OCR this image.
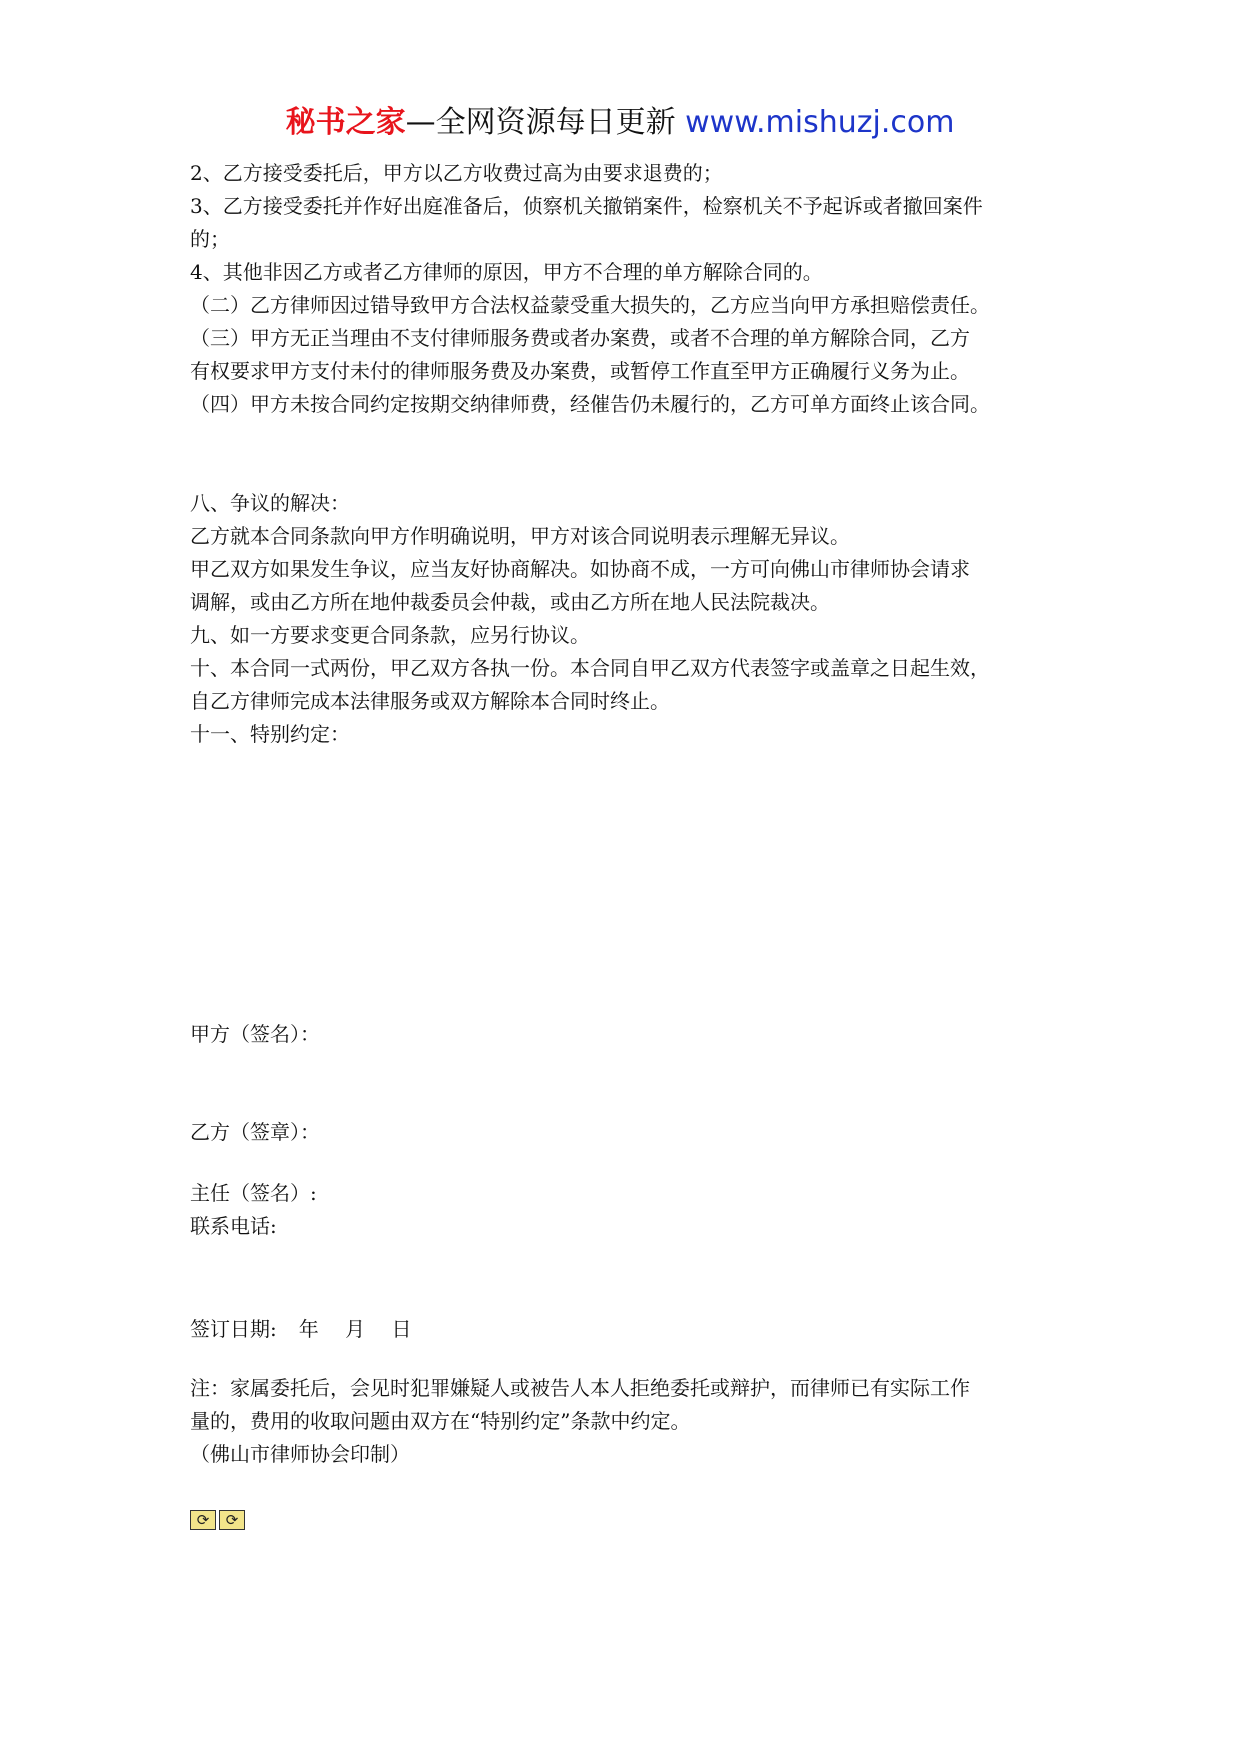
秘书之家—全网资源每日更新 www.mishuzj.com

2、乙方接受委托后，甲方以乙方收费过高为由要求退费的；

3、乙方接受委托并作好出庭准备后，侦察机关撤销案件，检察机关不予起诉或者撤回案件

的；

4、其他非因乙方或者乙方律师的原因，甲方不合理的单方解除合同的。

（二）乙方律师因过错导致甲方合法权益蒙受重大损失的，乙方应当向甲方承担赔偿责任。

（三）甲方无正当理由不支付律师服务费或者办案费，或者不合理的单方解除合同，乙方

有权要求甲方支付未付的律师服务费及办案费，或暂停工作直至甲方正确履行义务为止。

（四）甲方未按合同约定按期交纳律师费，经催告仍未履行的，乙方可单方面终止该合同。

八、争议的解决：

乙方就本合同条款向甲方作明确说明，甲方对该合同说明表示理解无异议。

甲乙双方如果发生争议，应当友好协商解决。如协商不成，一方可向佛山市律师协会请求

调解，或由乙方所在地仲裁委员会仲裁，或由乙方所在地人民法院裁决。

九、如一方要求变更合同条款，应另行协议。

十、本合同一式两份，甲乙双方各执一份。本合同自甲乙双方代表签字或盖章之日起生效，

自乙方律师完成本法律服务或双方解除本合同时终止。

十一、特别约定：

甲方（签名）：

乙方（签章）：

主任（签名）:

联系电话:

签订日期: 年 月 日

注：家属委托后，会见时犯罪嫌疑人或被告人本人拒绝委托或辩护，而律师已有实际工作

量的，费用的收取问题由双方在“特别约定”条款中约定。

（佛山市律师协会印制）

⟳	⟳
